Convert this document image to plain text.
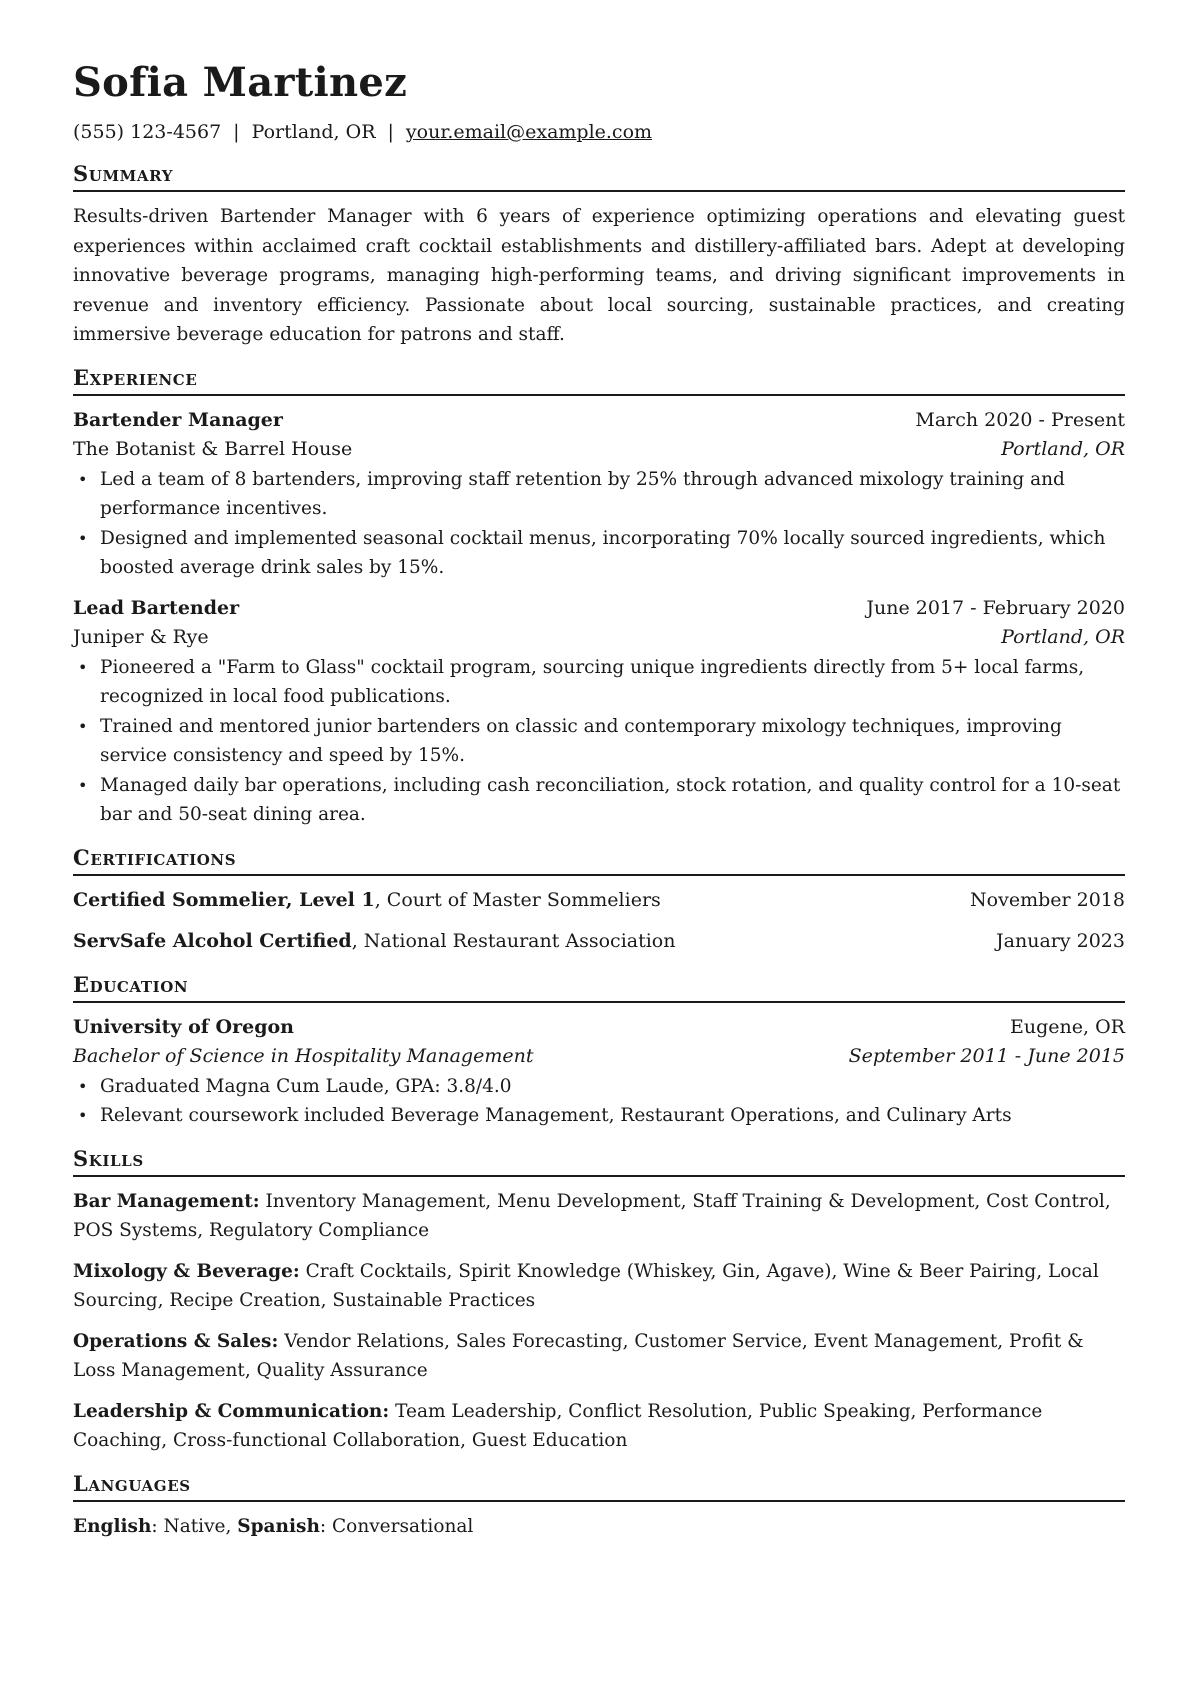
Sofia Martinez
(555) 123-4567 | Portland, OR | your.email@example.com
Summary
Results-driven Bartender Manager with 6 years of experience optimizing operations and elevating guest experiences within acclaimed craft cocktail establishments and distillery-affiliated bars. Adept at developing innovative beverage programs, managing high-performing teams, and driving significant improvements in revenue and inventory efficiency. Passionate about local sourcing, sustainable practices, and creating immersive beverage education for patrons and staff.
Experience
Bartender Manager	March 2020 - Present
The Botanist & Barrel House	Portland, OR
• Led a team of 8 bartenders, improving staff retention by 25% through advanced mixology training and performance incentives.
• Designed and implemented seasonal cocktail menus, incorporating 70% locally sourced ingredients, which boosted average drink sales by 15%.
Lead Bartender	June 2017 - February 2020
Juniper & Rye	Portland, OR
• Pioneered a "Farm to Glass" cocktail program, sourcing unique ingredients directly from 5+ local farms, recognized in local food publications.
• Trained and mentored junior bartenders on classic and contemporary mixology techniques, improving service consistency and speed by 15%.
• Managed daily bar operations, including cash reconciliation, stock rotation, and quality control for a 10-seat bar and 50-seat dining area.
Certifications
Certified Sommelier, Level 1, Court of Master Sommeliers	November 2018
ServSafe Alcohol Certified, National Restaurant Association	January 2023
Education
University of Oregon	Eugene, OR
Bachelor of Science in Hospitality Management	September 2011 - June 2015
• Graduated Magna Cum Laude, GPA: 3.8/4.0
• Relevant coursework included Beverage Management, Restaurant Operations, and Culinary Arts
Skills
Bar Management: Inventory Management, Menu Development, Staff Training & Development, Cost Control, POS Systems, Regulatory Compliance
Mixology & Beverage: Craft Cocktails, Spirit Knowledge (Whiskey, Gin, Agave), Wine & Beer Pairing, Local Sourcing, Recipe Creation, Sustainable Practices
Operations & Sales: Vendor Relations, Sales Forecasting, Customer Service, Event Management, Profit & Loss Management, Quality Assurance
Leadership & Communication: Team Leadership, Conflict Resolution, Public Speaking, Performance Coaching, Cross-functional Collaboration, Guest Education
Languages
English: Native, Spanish: Conversational
